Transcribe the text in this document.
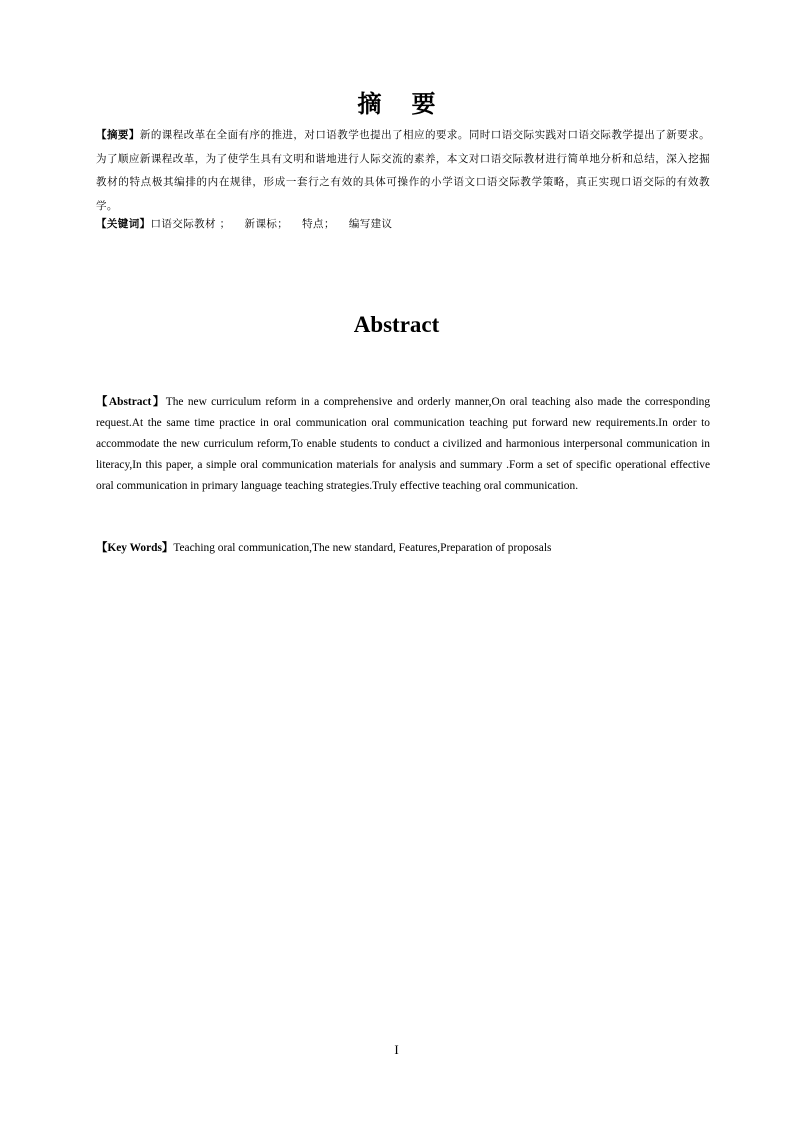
摘要
【摘要】新的课程改革在全面有序的推进，对口语教学也提出了相应的要求。同时口语交际实践对口语交际教学提出了新要求。为了顺应新课程改革，为了使学生具有文明和谐地进行人际交流的素养，本文对口语交际教材进行简单地分析和总结，深入挖掘教材的特点极其编排的内在规律，形成一套行之有效的具体可操作的小学语文口语交际教学策略，真正实现口语交际的有效教学。
【关键词】口语交际教材 ； 新课标； 特点； 编写建议
Abstract
【Abstract】The new curriculum reform in a comprehensive and orderly manner,On oral teaching also made the corresponding request.At the same time practice in oral communication oral communication teaching put forward new requirements.In order to accommodate the new curriculum reform,To enable students to conduct a civilized and harmonious interpersonal communication in literacy,In this paper, a simple oral communication materials for analysis and summary .Form a set of specific operational effective oral communication in primary language teaching strategies.Truly effective teaching oral communication.
【Key Words】Teaching oral communication,The new standard, Features,Preparation of proposals
I
